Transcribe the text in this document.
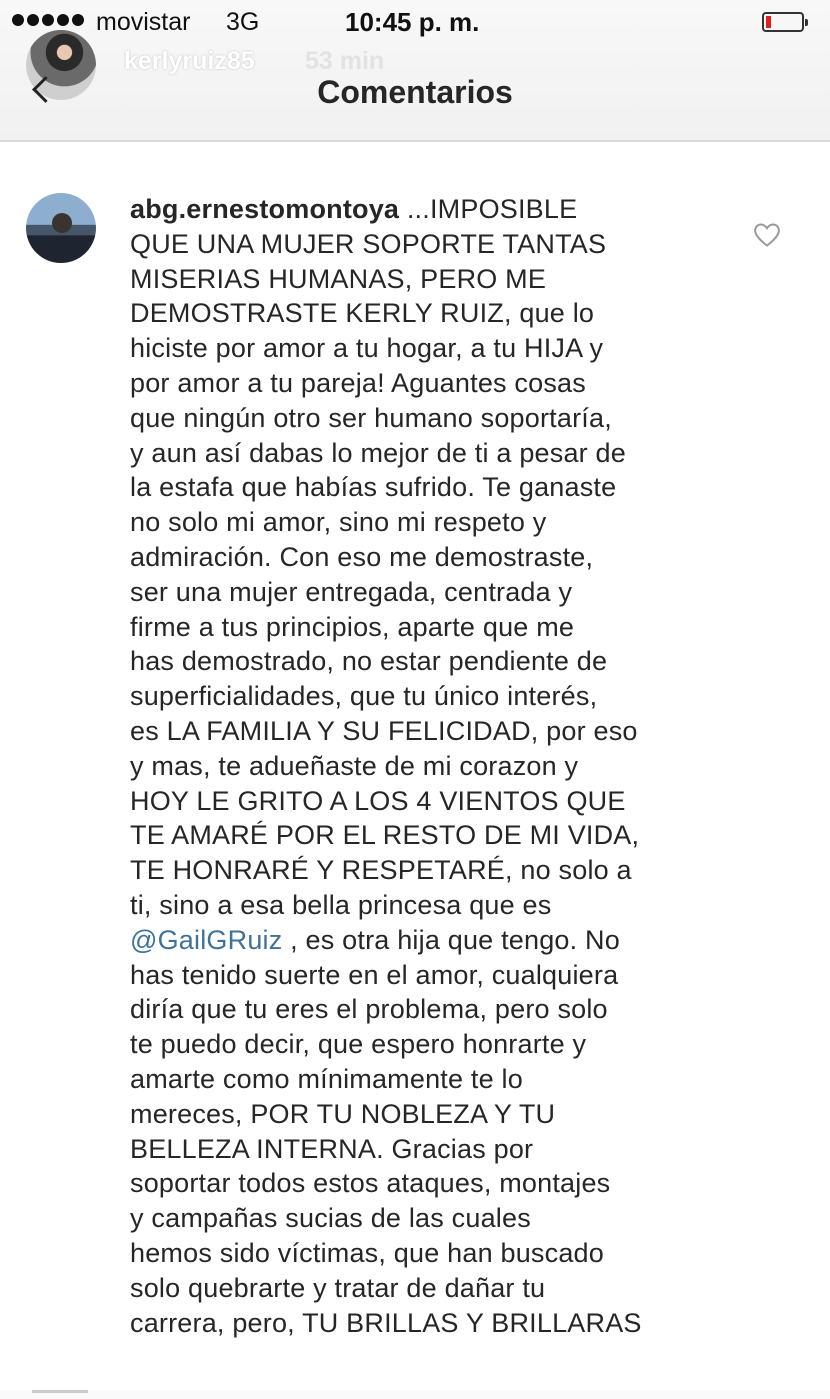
movistar 3G	10:45 p. m.
kerlyruiz85 53 min
Comentarios
abg.ernestomontoya ...IMPOSIBLE
QUE UNA MUJER SOPORTE TANTAS
MISERIAS HUMANAS, PERO ME
DEMOSTRASTE KERLY RUIZ, que lo
hiciste por amor a tu hogar, a tu HIJA y
por amor a tu pareja! Aguantes cosas
que ningún otro ser humano soportaría,
y aun así dabas lo mejor de ti a pesar de
la estafa que habías sufrido. Te ganaste
no solo mi amor, sino mi respeto y
admiración. Con eso me demostraste,
ser una mujer entregada, centrada y
firme a tus principios, aparte que me
has demostrado, no estar pendiente de
superficialidades, que tu único interés,
es LA FAMILIA Y SU FELICIDAD, por eso
y mas, te adueñaste de mi corazon y
HOY LE GRITO A LOS 4 VIENTOS QUE
TE AMARÉ POR EL RESTO DE MI VIDA,
TE HONRARÉ Y RESPETARÉ, no solo a
ti, sino a esa bella princesa que es
@GailGRuiz , es otra hija que tengo. No
has tenido suerte en el amor, cualquiera
diría que tu eres el problema, pero solo
te puedo decir, que espero honrarte y
amarte como mínimamente te lo
mereces, POR TU NOBLEZA Y TU
BELLEZA INTERNA. Gracias por
soportar todos estos ataques, montajes
y campañas sucias de las cuales
hemos sido víctimas, que han buscado
solo quebrarte y tratar de dañar tu
carrera, pero, TU BRILLAS Y BRILLARAS
